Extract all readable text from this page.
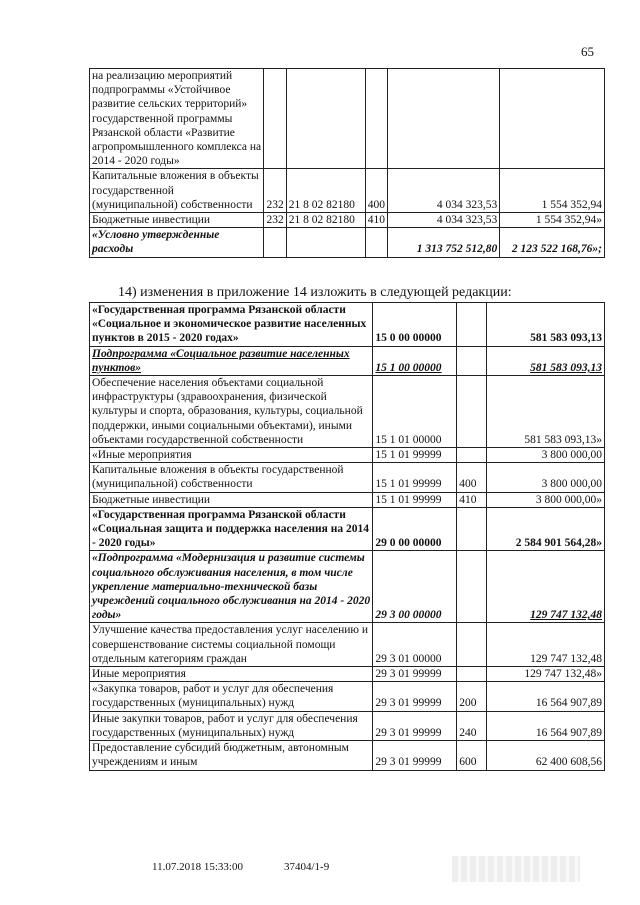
65
на реализацию мероприятий подпрограммы «Устойчивое развитие сельских территорий» государственной программы Рязанской области «Развитие агропромышленного комплекса на 2014 - 2020 годы»					
Капитальные вложения в объекты государственной (муниципальной) собственности	232	21 8 02 82180	400	4 034 323,53	1 554 352,94
Бюджетные инвестиции	232	21 8 02 82180	410	4 034 323,53	1 554 352,94»
«Условно утвержденные расходы				1 313 752 512,80	2 123 522 168,76»;
14) изменения в приложение 14 изложить в следующей редакции:
«Государственная программа Рязанской области «Социальное и экономическое развитие населенных пунктов в 2015 - 2020 годах»	15 0 00 00000		581 583 093,13
Подпрограмма «Социальное развитие населенных пунктов»	15 1 00 00000		581 583 093,13
Обеспечение населения объектами социальной инфраструктуры (здравоохранения, физической культуры и спорта, образования, культуры, социальной поддержки, иными социальными объектами), иными объектами государственной собственности	15 1 01 00000		581 583 093,13»
«Иные мероприятия	15 1 01 99999		3 800 000,00
Капитальные вложения в объекты государственной (муниципальной) собственности	15 1 01 99999	400	3 800 000,00
Бюджетные инвестиции	15 1 01 99999	410	3 800 000,00»
«Государственная программа Рязанской области «Социальная защита и поддержка населения на 2014 - 2020 годы»	29 0 00 00000		2 584 901 564,28»
«Подпрограмма «Модернизация и развитие системы социального обслуживания населения, в том числе укрепление материально-технической базы учреждений социального обслуживания на 2014 - 2020 годы»	29 3 00 00000		129 747 132,48
Улучшение качества предоставления услуг населению и совершенствование системы социальной помощи отдельным категориям граждан	29 3 01 00000		129 747 132,48
Иные мероприятия	29 3 01 99999		129 747 132,48»
«Закупка товаров, работ и услуг для обеспечения государственных (муниципальных) нужд	29 3 01 99999	200	16 564 907,89
Иные закупки товаров, работ и услуг для обеспечения государственных (муниципальных) нужд	29 3 01 99999	240	16 564 907,89
Предоставление субсидий бюджетным, автономным учреждениям и иным	29 3 01 99999	600	62 400 608,56
11.07.2018 15:33:00	37404/1-9
